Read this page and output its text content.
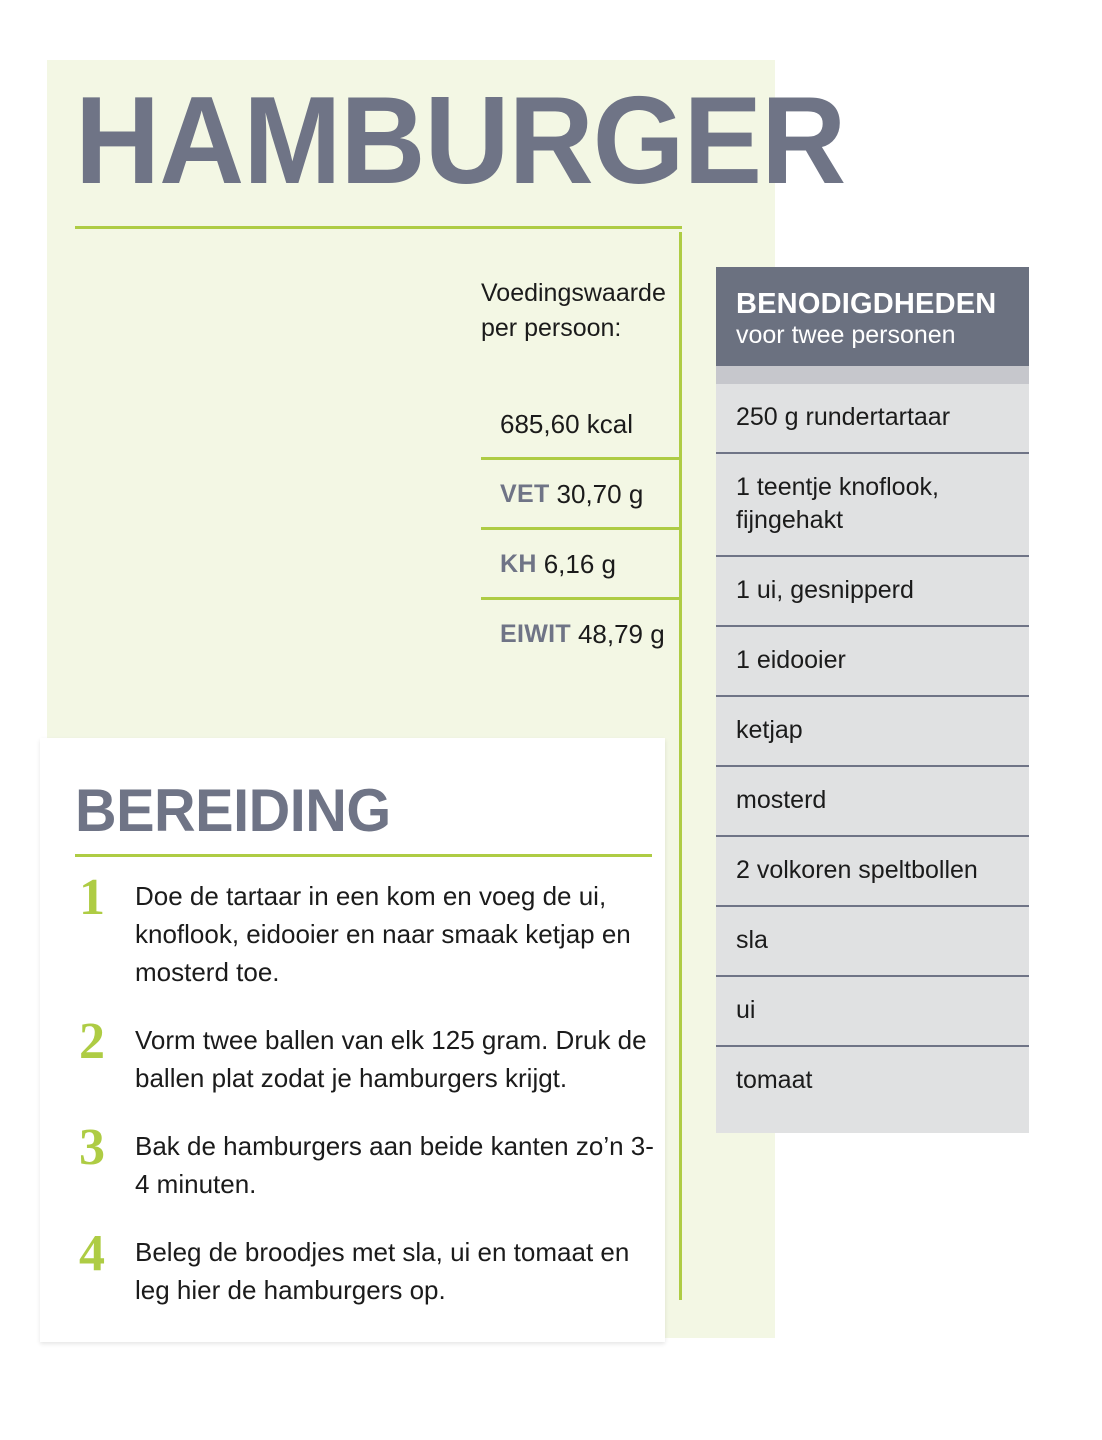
HAMBURGER
Voedingswaarde
per persoon:
685,60 kcal
VET 30,70 g
KH 6,16 g
EIWIT 48,79 g
BENODIGDHEDEN
voor twee personen
250 g rundertartaar
1 teentje knoflook, fijngehakt
1 ui, gesnipperd
1 eidooier
ketjap
mosterd
2 volkoren speltbollen
sla
ui
tomaat
BEREIDING
1	Doe de tartaar in een kom en voeg de ui, knoflook, eidooier en naar smaak ketjap en mosterd toe.
2	Vorm twee ballen van elk 125 gram. Druk de ballen plat zodat je hamburgers krijgt.
3	Bak de hamburgers aan beide kanten zo’n 3-4 minuten.
4	Beleg de broodjes met sla, ui en tomaat en leg hier de hamburgers op.
